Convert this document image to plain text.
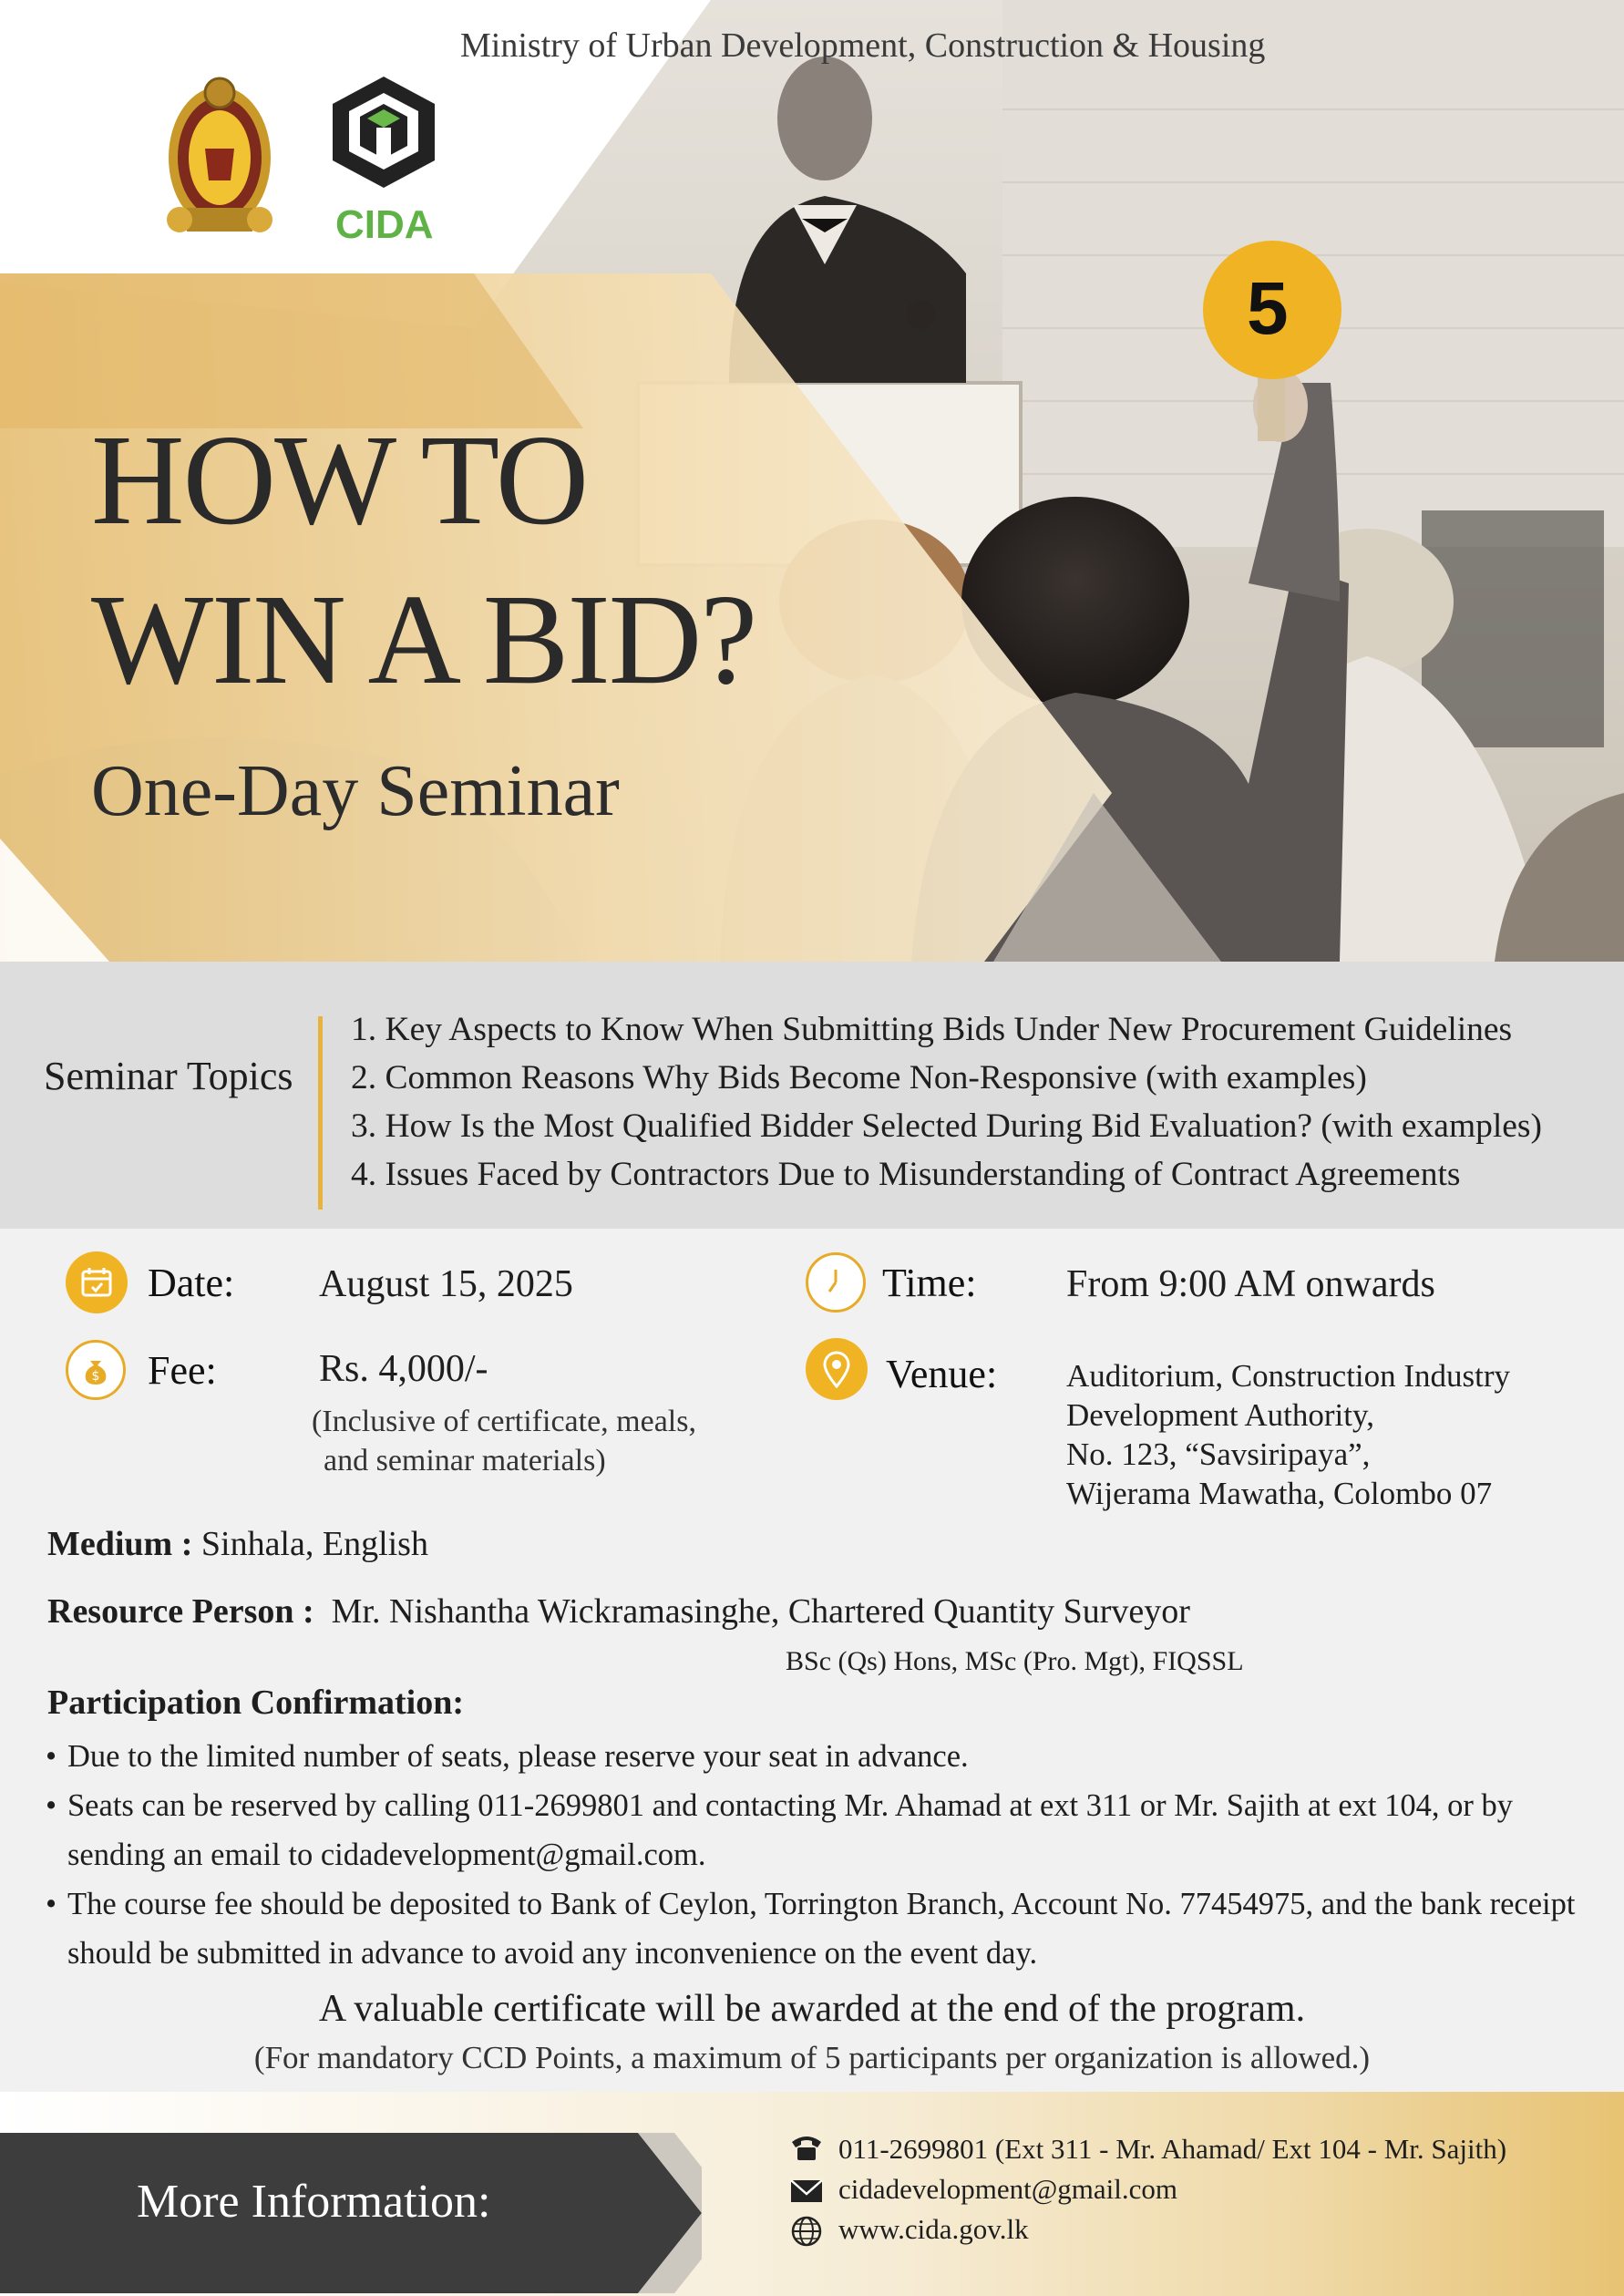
Ministry of Urban Development, Construction & Housing
CIDA
5
HOW TO
WIN A BID?
One-Day Seminar
Seminar Topics
1. Key Aspects to Know When Submitting Bids Under New Procurement Guidelines
2. Common Reasons Why Bids Become Non-Responsive (with examples)
3. How Is the Most Qualified Bidder Selected During Bid Evaluation? (with examples)
4. Issues Faced by Contractors Due to Misunderstanding of Contract Agreements
Date: August 15, 2025	Time: From 9:00 AM onwards
$ Fee:	Rs. 4,000/-
(Inclusive of certificate, meals,
and seminar materials)
Venue: Auditorium, Construction Industry
Development Authority,
No. 123, “Savsiripaya”,
Wijerama Mawatha, Colombo 07
Medium : Sinhala, English
Resource Person : Mr. Nishantha Wickramasinghe, Chartered Quantity Surveyor
BSc (Qs) Hons, MSc (Pro. Mgt), FIQSSL
Participation Confirmation:
• Due to the limited number of seats, please reserve your seat in advance.
• Seats can be reserved by calling 011-2699801 and contacting Mr. Ahamad at ext 311 or Mr. Sajith at ext 104, or by sending an email to cidadevelopment@gmail.com.
• The course fee should be deposited to Bank of Ceylon, Torrington Branch, Account No. 77454975, and the bank receipt should be submitted in advance to avoid any inconvenience on the event day.
A valuable certificate will be awarded at the end of the program.
(For mandatory CCD Points, a maximum of 5 participants per organization is allowed.)
More Information:
011-2699801 (Ext 311 - Mr. Ahamad/ Ext 104 - Mr. Sajith)
cidadevelopment@gmail.com
www.cida.gov.lk
